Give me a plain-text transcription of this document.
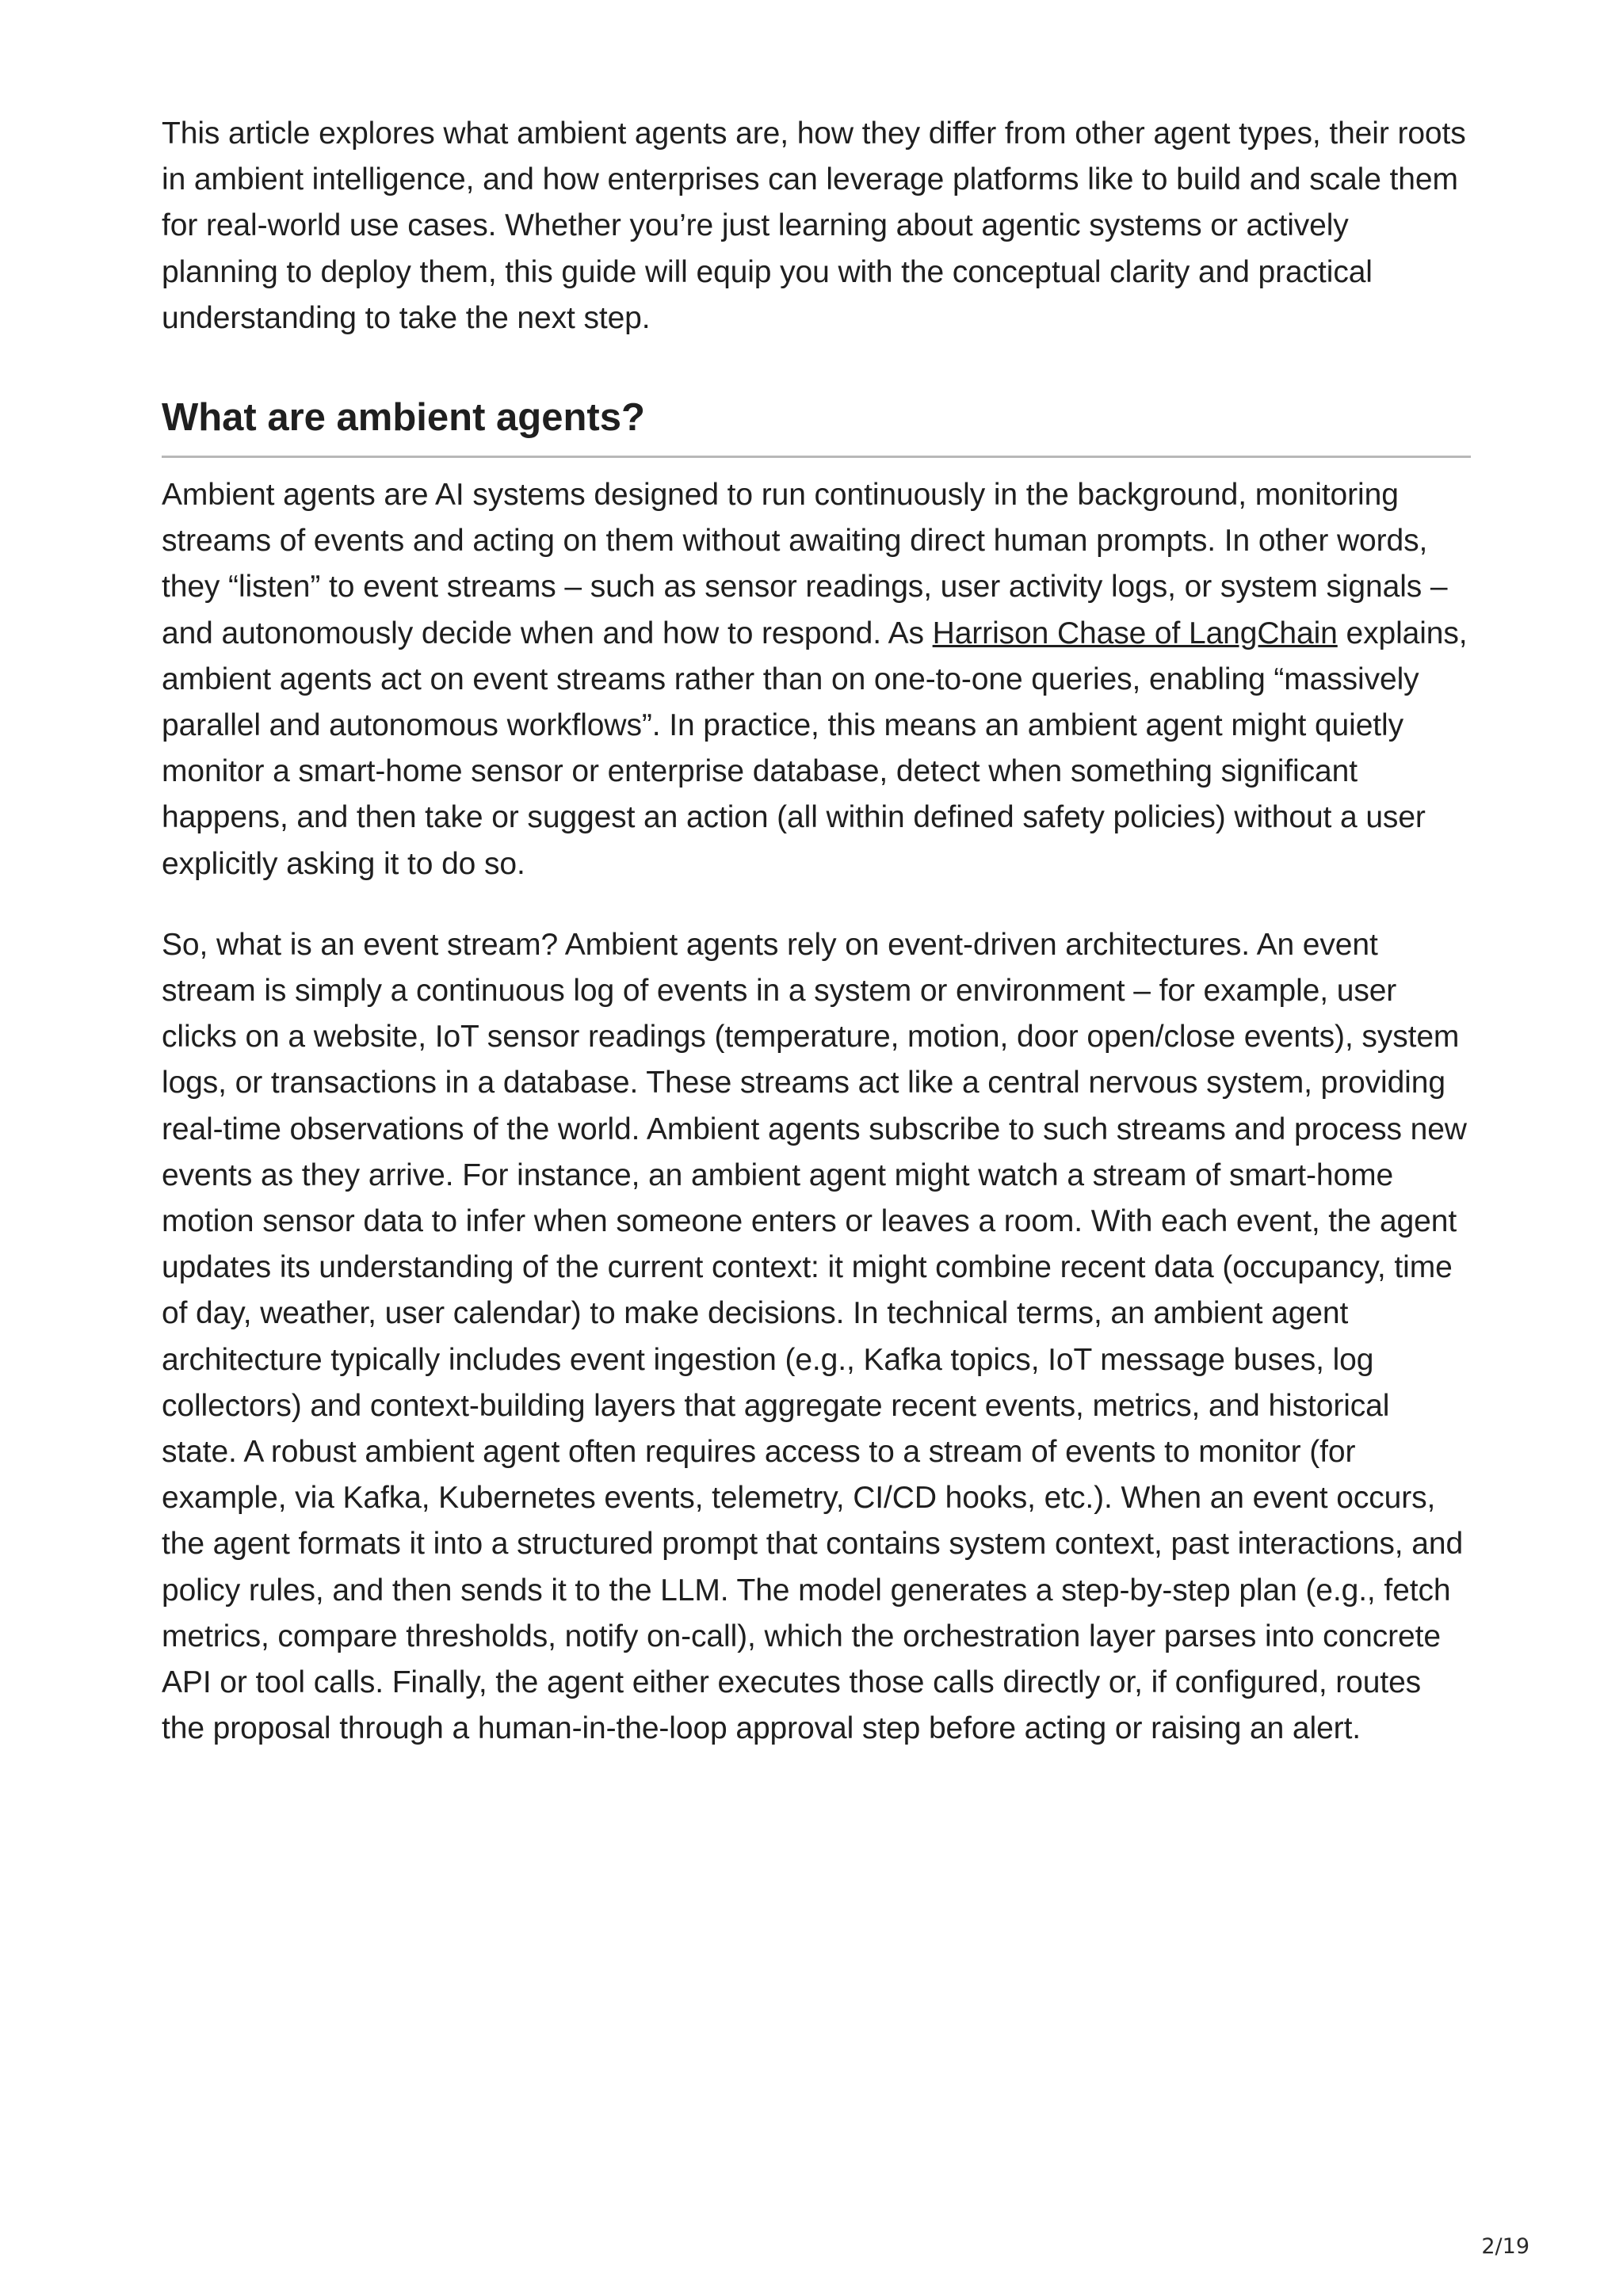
This article explores what ambient agents are, how they differ from other agent types, their roots in ambient intelligence, and how enterprises can leverage platforms like to build and scale them for real-world use cases. Whether you’re just learning about agentic systems or actively planning to deploy them, this guide will equip you with the conceptual clarity and practical understanding to take the next step.

What are ambient agents?

Ambient agents are AI systems designed to run continuously in the background, monitoring streams of events and acting on them without awaiting direct human prompts. In other words, they “listen” to event streams – such as sensor readings, user activity logs, or system signals – and autonomously decide when and how to respond. As Harrison Chase of LangChain explains, ambient agents act on event streams rather than on one-to-one queries, enabling “massively parallel and autonomous workflows”. In practice, this means an ambient agent might quietly monitor a smart-home sensor or enterprise database, detect when something significant happens, and then take or suggest an action (all within defined safety policies) without a user explicitly asking it to do so.

So, what is an event stream? Ambient agents rely on event-driven architectures. An event stream is simply a continuous log of events in a system or environment – for example, user clicks on a website, IoT sensor readings (temperature, motion, door open/close events), system logs, or transactions in a database. These streams act like a central nervous system, providing real-time observations of the world. Ambient agents subscribe to such streams and process new events as they arrive. For instance, an ambient agent might watch a stream of smart-home motion sensor data to infer when someone enters or leaves a room. With each event, the agent updates its understanding of the current context: it might combine recent data (occupancy, time of day, weather, user calendar) to make decisions. In technical terms, an ambient agent architecture typically includes event ingestion (e.g., Kafka topics, IoT message buses, log collectors) and context-building layers that aggregate recent events, metrics, and historical state. A robust ambient agent often requires access to a stream of events to monitor (for example, via Kafka, Kubernetes events, telemetry, CI/CD hooks, etc.). When an event occurs, the agent formats it into a structured prompt that contains system context, past interactions, and policy rules, and then sends it to the LLM. The model generates a step-by-step plan (e.g., fetch metrics, compare thresholds, notify on-call), which the orchestration layer parses into concrete API or tool calls. Finally, the agent either executes those calls directly or, if configured, routes the proposal through a human‑in‑the‑loop approval step before acting or raising an alert.

2/19
